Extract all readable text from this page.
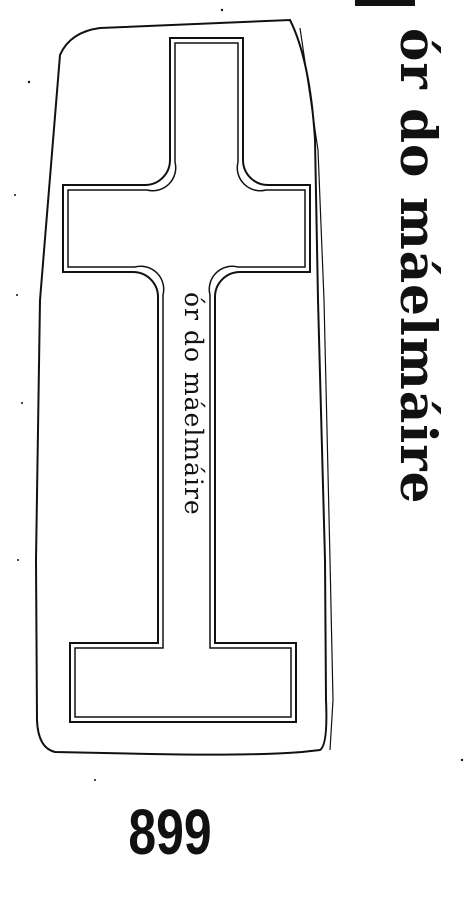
ór do máelmáire
ór do máelmáire
899
